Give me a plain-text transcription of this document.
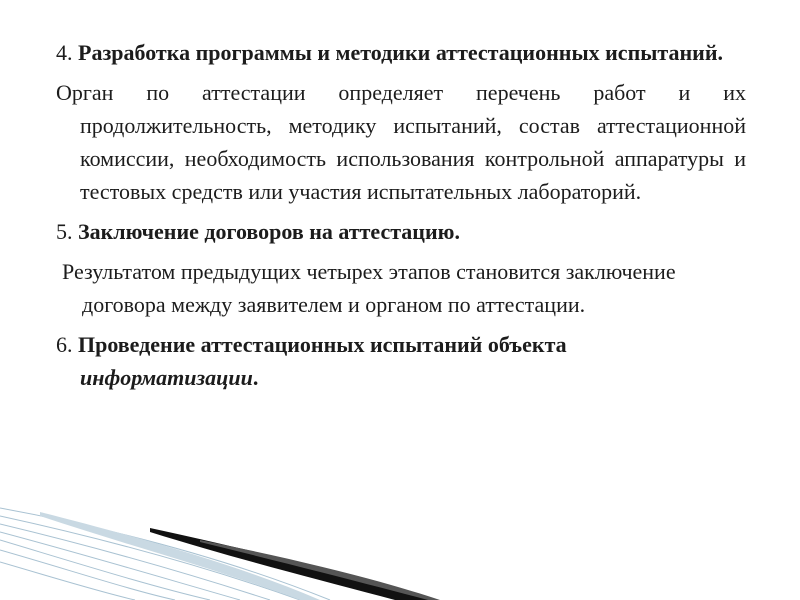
4. Разработка программы и методики аттестационных испытаний.

Орган по аттестации определяет перечень работ и их продолжительность, методику испытаний, состав аттестационной комиссии, необходимость использования контрольной аппаратуры и тестовых средств или участия испытательных лабораторий.

5. Заключение договоров на аттестацию.

Результатом предыдущих четырех этапов становится заключение договора между заявителем и органом по аттестации.

6. Проведение аттестационных испытаний объекта информатизации.
